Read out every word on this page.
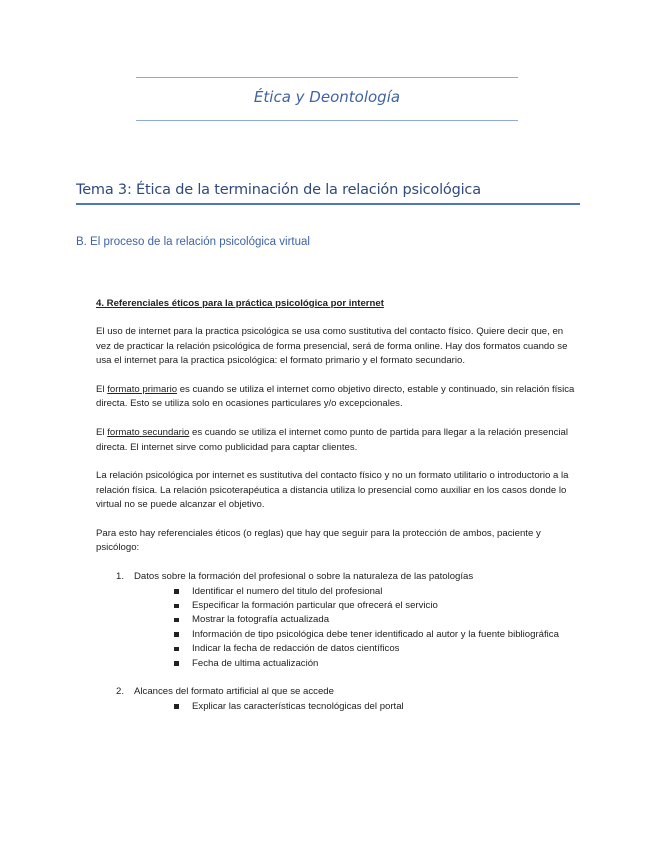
Ética y Deontología
Tema 3: Ética de la terminación de la relación psicológica
B. El proceso de la relación psicológica virtual

4. Referenciales éticos para la práctica psicológica por internet

El uso de internet para la practica psicológica se usa como sustitutiva del contacto físico. Quiere decir que, en vez de practicar la relación psicológica de forma presencial, será de forma online. Hay dos formatos cuando se usa el internet para la practica psicológica: el formato primario y el formato secundario.

El formato primario es cuando se utiliza el internet como objetivo directo, estable y continuado, sin relación física directa. Esto se utiliza solo en ocasiones particulares y/o excepcionales.

El formato secundario es cuando se utiliza el internet como punto de partida para llegar a la relación presencial directa. El internet sirve como publicidad para captar clientes.

La relación psicológica por internet es sustitutiva del contacto físico y no un formato utilitario o introductorio a la relación física. La relación psicoterapéutica a distancia utiliza lo presencial como auxiliar en los casos donde lo virtual no se puede alcanzar el objetivo.

Para esto hay referenciales éticos (o reglas) que hay que seguir para la protección de ambos, paciente y psicólogo:

1. Datos sobre la formación del profesional o sobre la naturaleza de las patologías
Identificar el numero del titulo del profesional
Especificar la formación particular que ofrecerá el servicio
Mostrar la fotografía actualizada
Información de tipo psicológica debe tener identificado al autor y la fuente bibliográfica
Indicar la fecha de redacción de datos científicos
Fecha de ultima actualización
2. Alcances del formato artificial al que se accede
Explicar las características tecnológicas del portal
